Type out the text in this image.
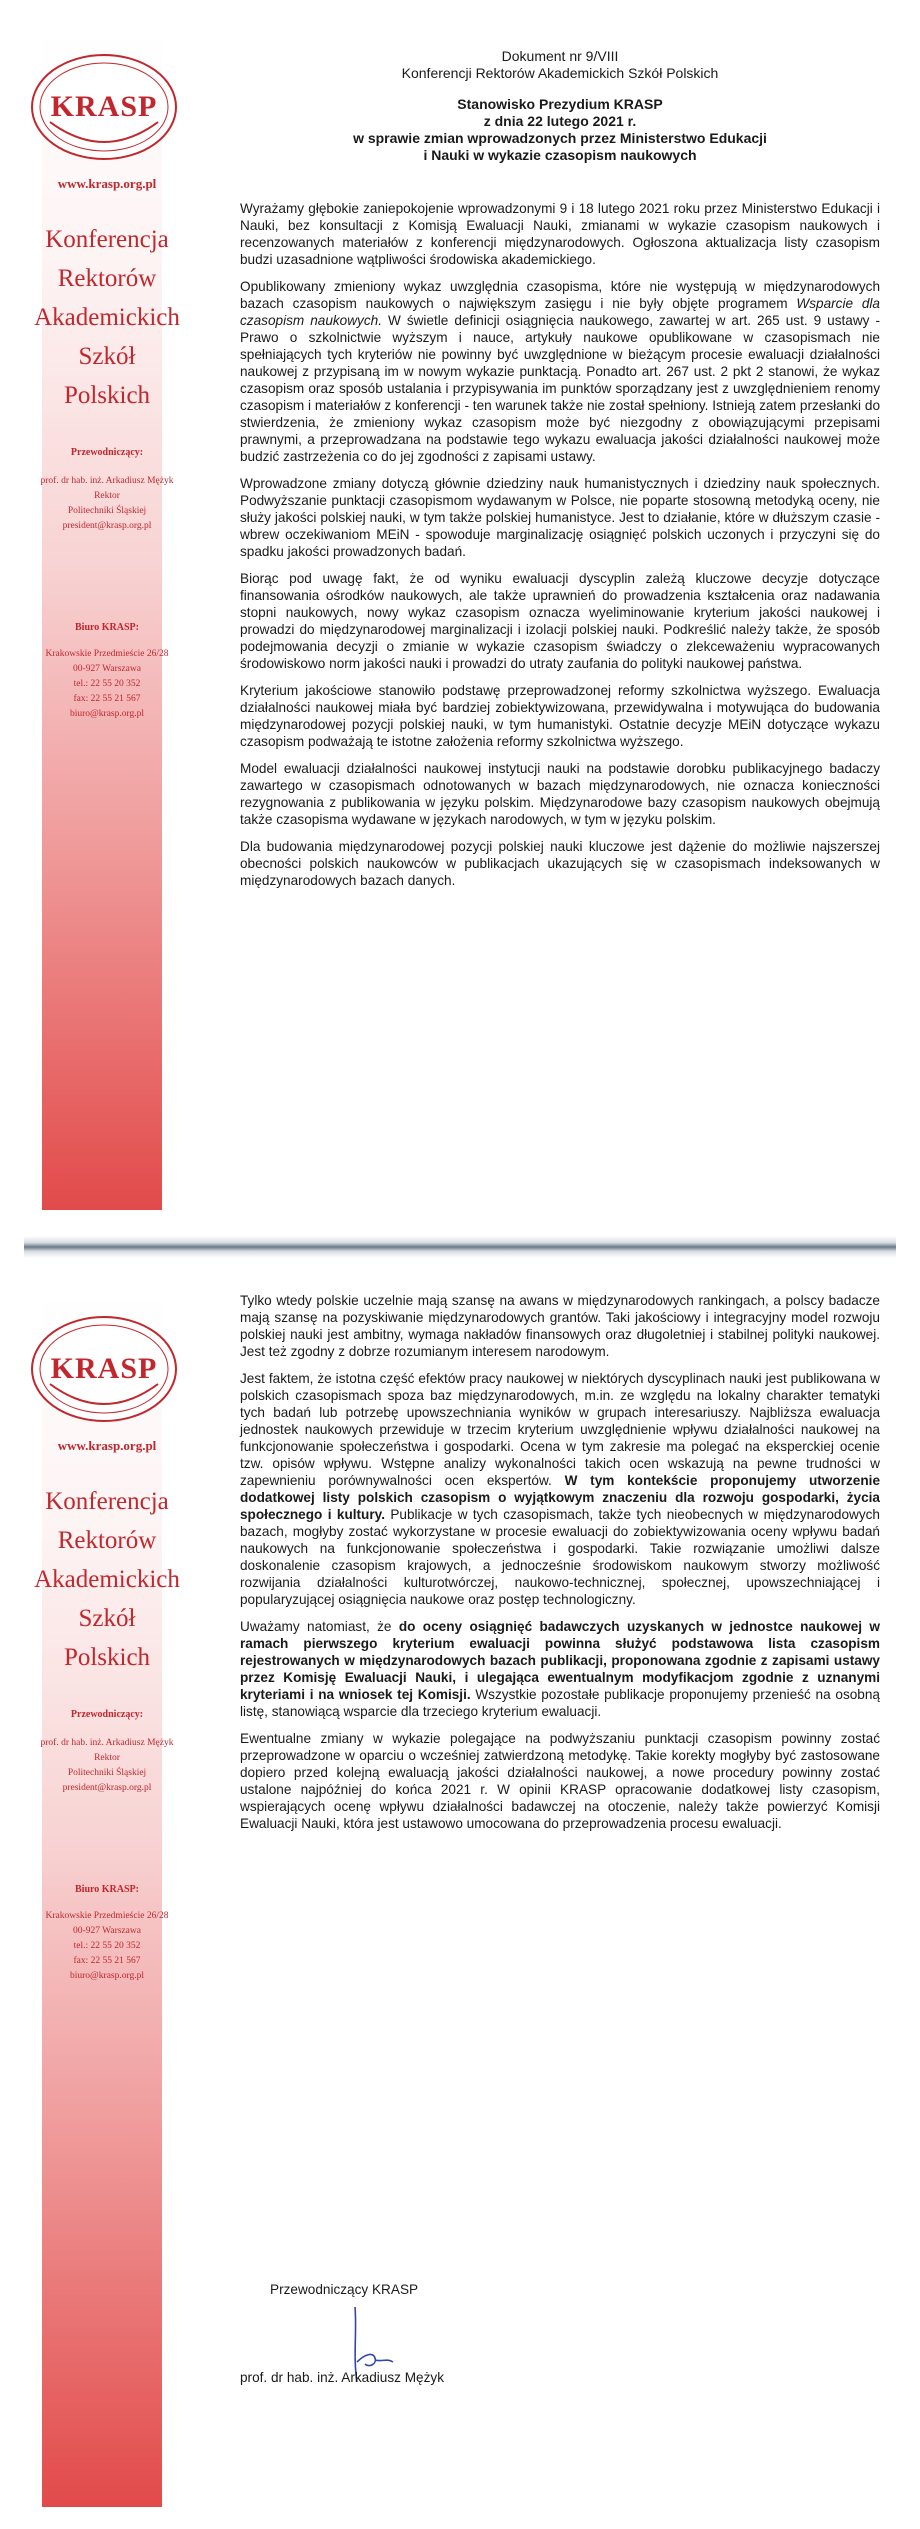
KRASP
www.krasp.org.pl
Konferencja
Rektorów
Akademickich
Szkół
Polskich
Przewodniczący:
prof. dr hab. inż. Arkadiusz Mężyk
Rektor
Politechniki Śląskiej
president@krasp.org.pl
Biuro KRASP:
Krakowskie Przedmieście 26/28
00-927 Warszawa
tel.: 22 55 20 352
fax: 22 55 21 567
biuro@krasp.org.pl
Dokument nr 9/VIII
Konferencji Rektorów Akademickich Szkół Polskich
Stanowisko Prezydium KRASP
z dnia 22 lutego 2021 r.
w sprawie zmian wprowadzonych przez Ministerstwo Edukacji
i Nauki w wykazie czasopism naukowych

Wyrażamy głębokie zaniepokojenie wprowadzonymi 9 i 18 lutego 2021 roku przez Ministerstwo Edukacji i Nauki, bez konsultacji z Komisją Ewaluacji Nauki, zmianami w wykazie czasopism naukowych i recenzowanych materiałów z konferencji międzynarodowych. Ogłoszona aktualizacja listy czasopism budzi uzasadnione wątpliwości środowiska akademickiego.

Opublikowany zmieniony wykaz uwzględnia czasopisma, które nie występują w międzynarodowych bazach czasopism naukowych o największym zasięgu i nie były objęte programem Wsparcie dla czasopism naukowych. W świetle definicji osiągnięcia naukowego, zawartej w art. 265 ust. 9 ustawy - Prawo o szkolnictwie wyższym i nauce, artykuły naukowe opublikowane w czasopismach nie spełniających tych kryteriów nie powinny być uwzględnione w bieżącym procesie ewaluacji działalności naukowej z przypisaną im w nowym wykazie punktacją. Ponadto art. 267 ust. 2 pkt 2 stanowi, że wykaz czasopism oraz sposób ustalania i przypisywania im punktów sporządzany jest z uwzględnieniem renomy czasopism i materiałów z konferencji - ten warunek także nie został spełniony. Istnieją zatem przesłanki do stwierdzenia, że zmieniony wykaz czasopism może być niezgodny z obowiązującymi przepisami prawnymi, a przeprowadzana na podstawie tego wykazu ewaluacja jakości działalności naukowej może budzić zastrzeżenia co do jej zgodności z zapisami ustawy.

Wprowadzone zmiany dotyczą głównie dziedziny nauk humanistycznych i dziedziny nauk społecznych. Podwyższanie punktacji czasopismom wydawanym w Polsce, nie poparte stosowną metodyką oceny, nie służy jakości polskiej nauki, w tym także polskiej humanistyce. Jest to działanie, które w dłuższym czasie - wbrew oczekiwaniom MEiN - spowoduje marginalizację osiągnięć polskich uczonych i przyczyni się do spadku jakości prowadzonych badań.

Biorąc pod uwagę fakt, że od wyniku ewaluacji dyscyplin zależą kluczowe decyzje dotyczące finansowania ośrodków naukowych, ale także uprawnień do prowadzenia kształcenia oraz nadawania stopni naukowych, nowy wykaz czasopism oznacza wyeliminowanie kryterium jakości naukowej i prowadzi do międzynarodowej marginalizacji i izolacji polskiej nauki. Podkreślić należy także, że sposób podejmowania decyzji o zmianie w wykazie czasopism świadczy o zlekceważeniu wypracowanych środowiskowo norm jakości nauki i prowadzi do utraty zaufania do polityki naukowej państwa.

Kryterium jakościowe stanowiło podstawę przeprowadzonej reformy szkolnictwa wyższego. Ewaluacja działalności naukowej miała być bardziej zobiektywizowana, przewidywalna i motywująca do budowania międzynarodowej pozycji polskiej nauki, w tym humanistyki. Ostatnie decyzje MEiN dotyczące wykazu czasopism podważają te istotne założenia reformy szkolnictwa wyższego.

Model ewaluacji działalności naukowej instytucji nauki na podstawie dorobku publikacyjnego badaczy zawartego w czasopismach odnotowanych w bazach międzynarodowych, nie oznacza konieczności rezygnowania z publikowania w języku polskim. Międzynarodowe bazy czasopism naukowych obejmują także czasopisma wydawane w językach narodowych, w tym w języku polskim.

Dla budowania międzynarodowej pozycji polskiej nauki kluczowe jest dążenie do możliwie najszerszej obecności polskich naukowców w publikacjach ukazujących się w czasopismach indeksowanych w międzynarodowych bazach danych.

KRASP
www.krasp.org.pl
Konferencja
Rektorów
Akademickich
Szkół
Polskich
Przewodniczący:
prof. dr hab. inż. Arkadiusz Mężyk
Rektor
Politechniki Śląskiej
president@krasp.org.pl
Biuro KRASP:
Krakowskie Przedmieście 26/28
00-927 Warszawa
tel.: 22 55 20 352
fax: 22 55 21 567
biuro@krasp.org.pl

Tylko wtedy polskie uczelnie mają szansę na awans w międzynarodowych rankingach, a polscy badacze mają szansę na pozyskiwanie międzynarodowych grantów. Taki jakościowy i integracyjny model rozwoju polskiej nauki jest ambitny, wymaga nakładów finansowych oraz długoletniej i stabilnej polityki naukowej. Jest też zgodny z dobrze rozumianym interesem narodowym.

Jest faktem, że istotna część efektów pracy naukowej w niektórych dyscyplinach nauki jest publikowana w polskich czasopismach spoza baz międzynarodowych, m.in. ze względu na lokalny charakter tematyki tych badań lub potrzebę upowszechniania wyników w grupach interesariuszy. Najbliższa ewaluacja jednostek naukowych przewiduje w trzecim kryterium uwzględnienie wpływu działalności naukowej na funkcjonowanie społeczeństwa i gospodarki. Ocena w tym zakresie ma polegać na eksperckiej ocenie tzw. opisów wpływu. Wstępne analizy wykonalności takich ocen wskazują na pewne trudności w zapewnieniu porównywalności ocen ekspertów. W tym kontekście proponujemy utworzenie dodatkowej listy polskich czasopism o wyjątkowym znaczeniu dla rozwoju gospodarki, życia społecznego i kultury. Publikacje w tych czasopismach, także tych nieobecnych w międzynarodowych bazach, mogłyby zostać wykorzystane w procesie ewaluacji do zobiektywizowania oceny wpływu badań naukowych na funkcjonowanie społeczeństwa i gospodarki. Takie rozwiązanie umożliwi dalsze doskonalenie czasopism krajowych, a jednocześnie środowiskom naukowym stworzy możliwość rozwijania działalności kulturotwórczej, naukowo-technicznej, społecznej, upowszechniającej i popularyzującej osiągnięcia naukowe oraz postęp technologiczny.

Uważamy natomiast, że do oceny osiągnięć badawczych uzyskanych w jednostce naukowej w ramach pierwszego kryterium ewaluacji powinna służyć podstawowa lista czasopism rejestrowanych w międzynarodowych bazach publikacji, proponowana zgodnie z zapisami ustawy przez Komisję Ewaluacji Nauki, i ulegająca ewentualnym modyfikacjom zgodnie z uznanymi kryteriami i na wniosek tej Komisji. Wszystkie pozostałe publikacje proponujemy przenieść na osobną listę, stanowiącą wsparcie dla trzeciego kryterium ewaluacji.

Ewentualne zmiany w wykazie polegające na podwyższaniu punktacji czasopism powinny zostać przeprowadzone w oparciu o wcześniej zatwierdzoną metodykę. Takie korekty mogłyby być zastosowane dopiero przed kolejną ewaluacją jakości działalności naukowej, a nowe procedury powinny zostać ustalone najpóźniej do końca 2021 r. W opinii KRASP opracowanie dodatkowej listy czasopism, wspierających ocenę wpływu działalności badawczej na otoczenie, należy także powierzyć Komisji Ewaluacji Nauki, która jest ustawowo umocowana do przeprowadzenia procesu ewaluacji.

Przewodniczący KRASP
prof. dr hab. inż. Arkadiusz Mężyk
